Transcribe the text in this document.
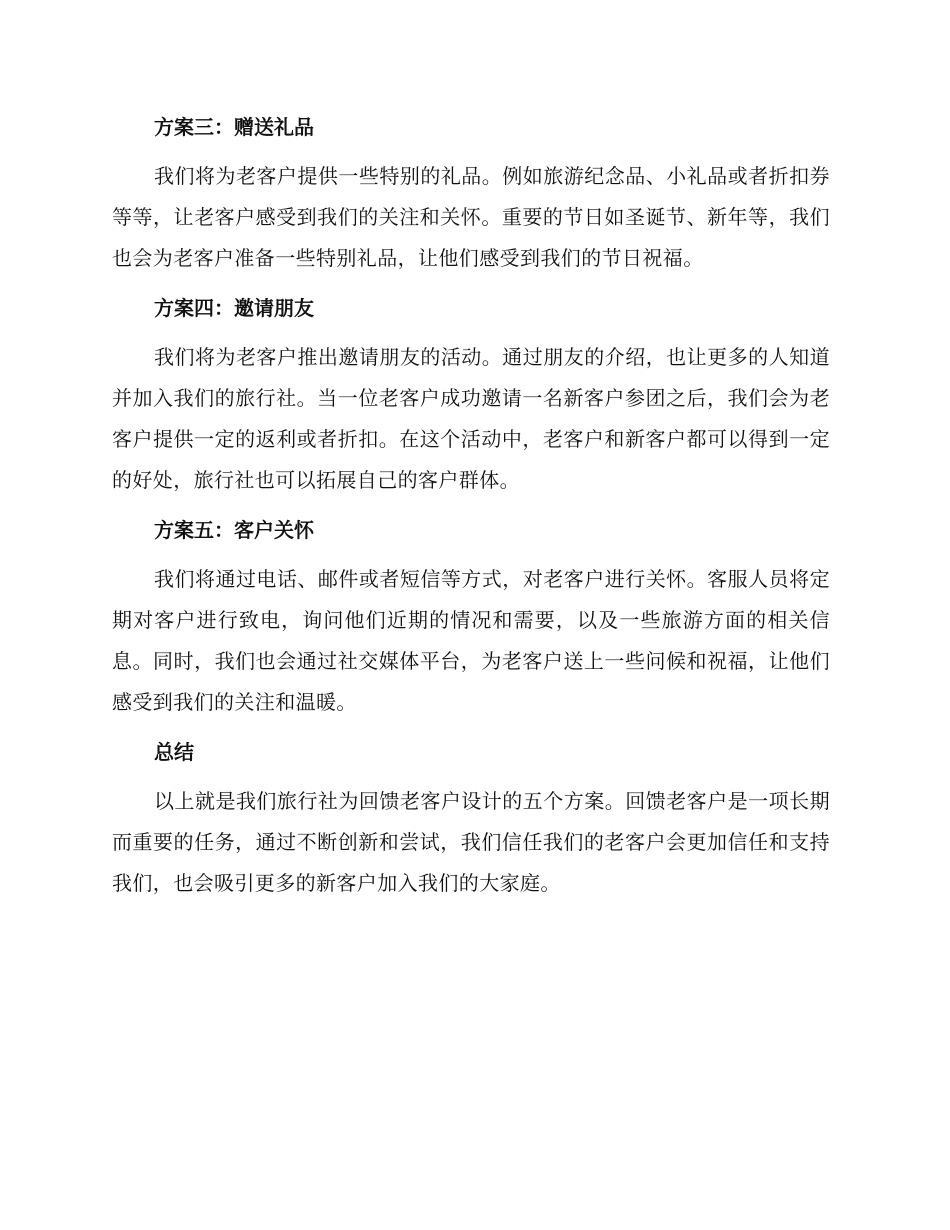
方案三：赠送礼品

我们将为老客户提供一些特别的礼品。例如旅游纪念品、小礼品或者折扣券等等，让老客户感受到我们的关注和关怀。重要的节日如圣诞节、新年等，我们也会为老客户准备一些特别礼品，让他们感受到我们的节日祝福。

方案四：邀请朋友

我们将为老客户推出邀请朋友的活动。通过朋友的介绍，也让更多的人知道并加入我们的旅行社。当一位老客户成功邀请一名新客户参团之后，我们会为老客户提供一定的返利或者折扣。在这个活动中，老客户和新客户都可以得到一定的好处，旅行社也可以拓展自己的客户群体。

方案五：客户关怀

我们将通过电话、邮件或者短信等方式，对老客户进行关怀。客服人员将定期对客户进行致电，询问他们近期的情况和需要，以及一些旅游方面的相关信息。同时，我们也会通过社交媒体平台，为老客户送上一些问候和祝福，让他们感受到我们的关注和温暖。

总结

以上就是我们旅行社为回馈老客户设计的五个方案。回馈老客户是一项长期而重要的任务，通过不断创新和尝试，我们信任我们的老客户会更加信任和支持我们，也会吸引更多的新客户加入我们的大家庭。
